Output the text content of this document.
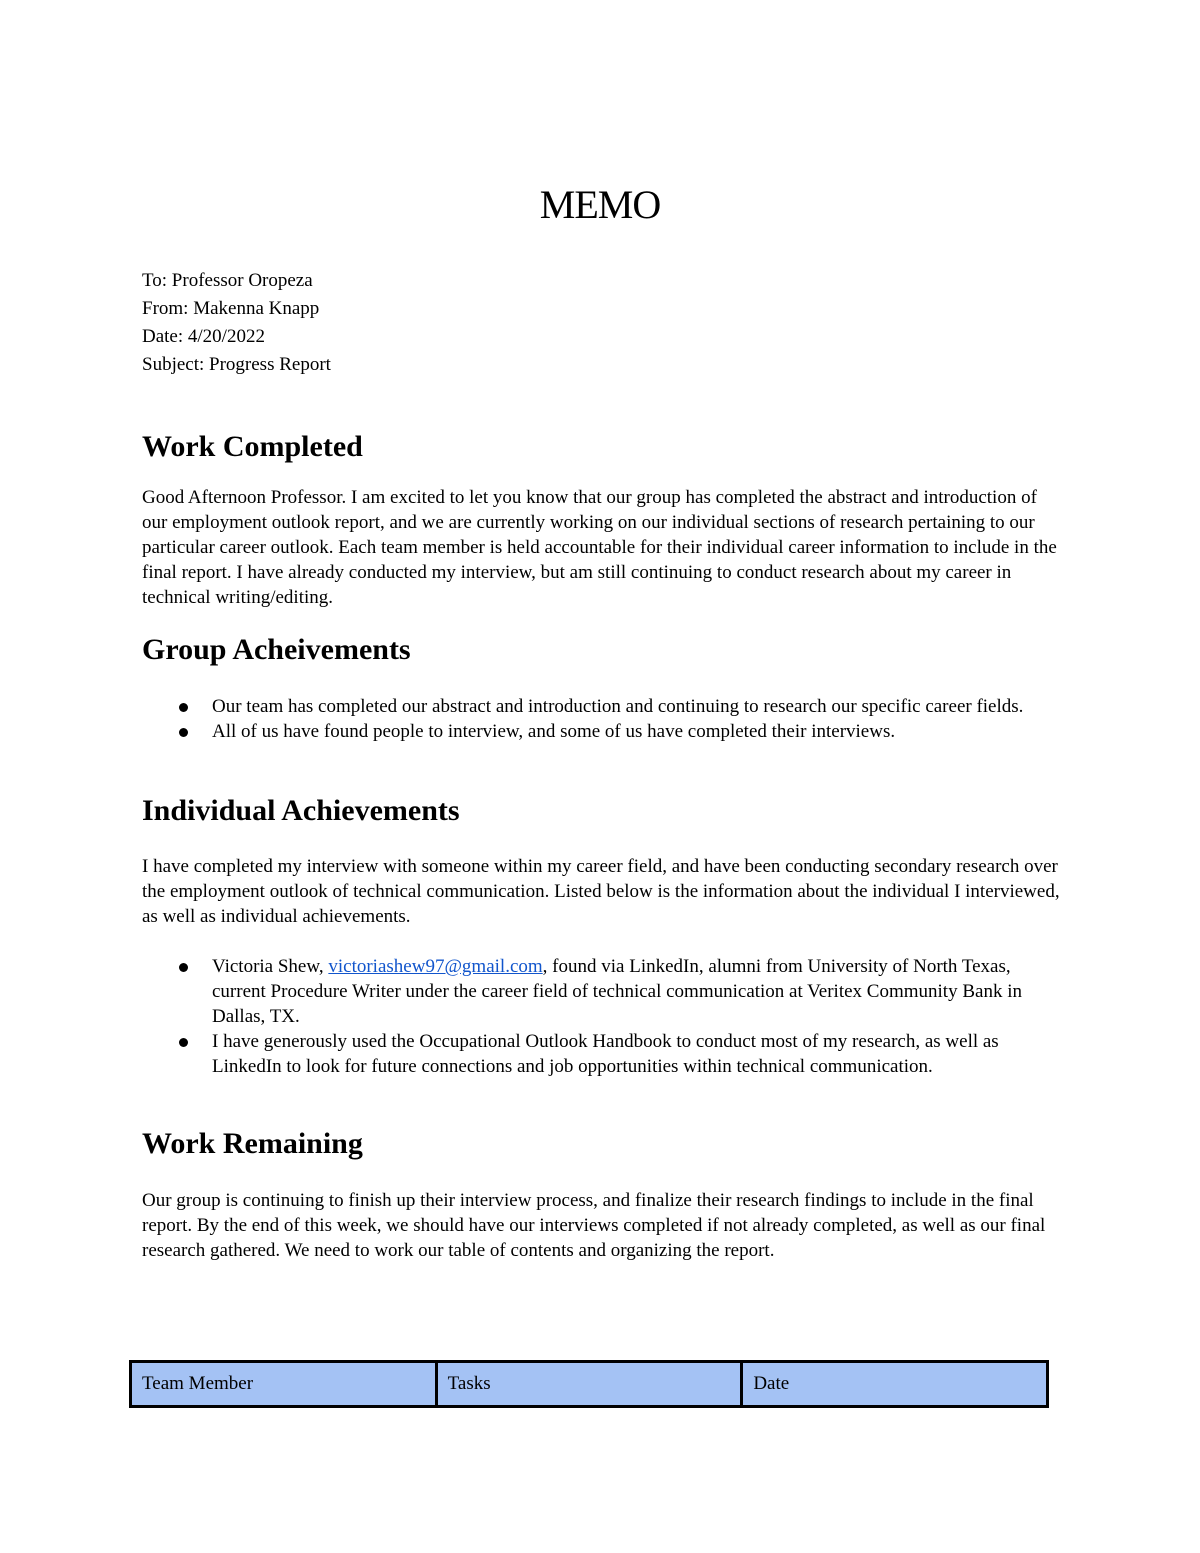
MEMO
To: Professor Oropeza
From: Makenna Knapp
Date: 4/20/2022
Subject: Progress Report
Work Completed

Good Afternoon Professor. I am excited to let you know that our group has completed the abstract and introduction of our employment outlook report, and we are currently working on our individual sections of research pertaining to our particular career outlook. Each team member is held accountable for their individual career information to include in the final report. I have already conducted my interview, but am still continuing to conduct research about my career in technical writing/editing.

Group Acheivements
Our team has completed our abstract and introduction and continuing to research our specific career fields.
All of us have found people to interview, and some of us have completed their interviews.
Individual Achievements

I have completed my interview with someone within my career field, and have been conducting secondary research over the employment outlook of technical communication. Listed below is the information about the individual I interviewed, as well as individual achievements.

Victoria Shew, victoriashew97@gmail.com, found via LinkedIn, alumni from University of North Texas, current Procedure Writer under the career field of technical communication at Veritex Community Bank in Dallas, TX.
I have generously used the Occupational Outlook Handbook to conduct most of my research, as well as LinkedIn to look for future connections and job opportunities within technical communication.
Work Remaining

Our group is continuing to finish up their interview process, and finalize their research findings to include in the final report. By the end of this week, we should have our interviews completed if not already completed, as well as our final research gathered. We need to work our table of contents and organizing the report.

Team Member	Tasks	Date
